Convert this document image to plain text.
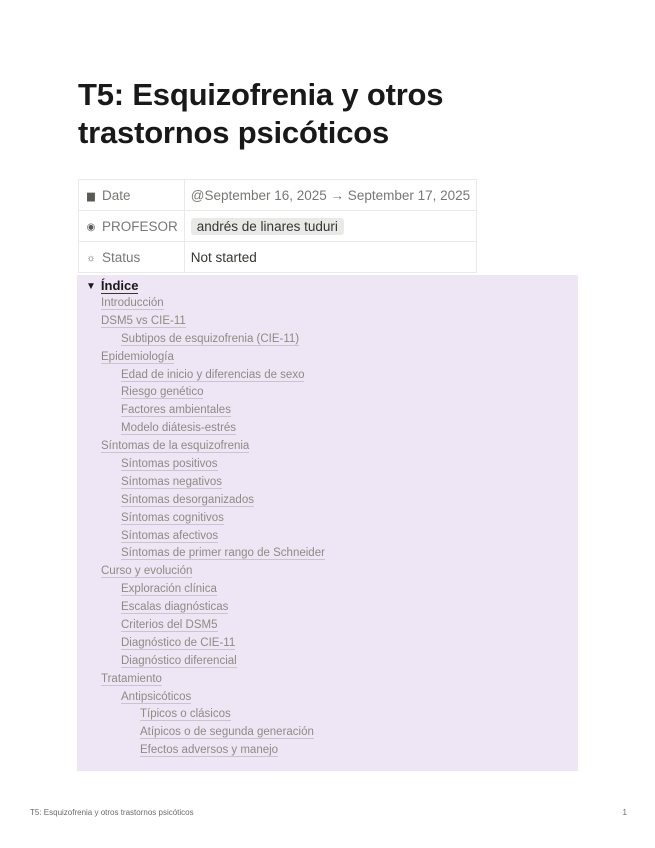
T5: Esquizofrenia y otros trastornos psicóticos
▆ Date	@September 16, 2025 → September 17, 2025
◉ PROFESOR	andrés de linares tuduri
☼ Status	Not started
▼ Índice
Introducción
DSM5 vs CIE-11
Subtipos de esquizofrenia (CIE-11)
Epidemiología
Edad de inicio y diferencias de sexo
Riesgo genético
Factores ambientales
Modelo diátesis-estrés
Síntomas de la esquizofrenia
Síntomas positivos
Síntomas negativos
Síntomas desorganizados
Síntomas cognitivos
Síntomas afectivos
Síntomas de primer rango de Schneider
Curso y evolución
Exploración clínica
Escalas diagnósticas
Criterios del DSM5
Diagnóstico de CIE-11
Diagnóstico diferencial
Tratamiento
Antipsicóticos
Típicos o clásicos
Atípicos o de segunda generación
Efectos adversos y manejo
T5: Esquizofrenia y otros trastornos psicóticos	1
